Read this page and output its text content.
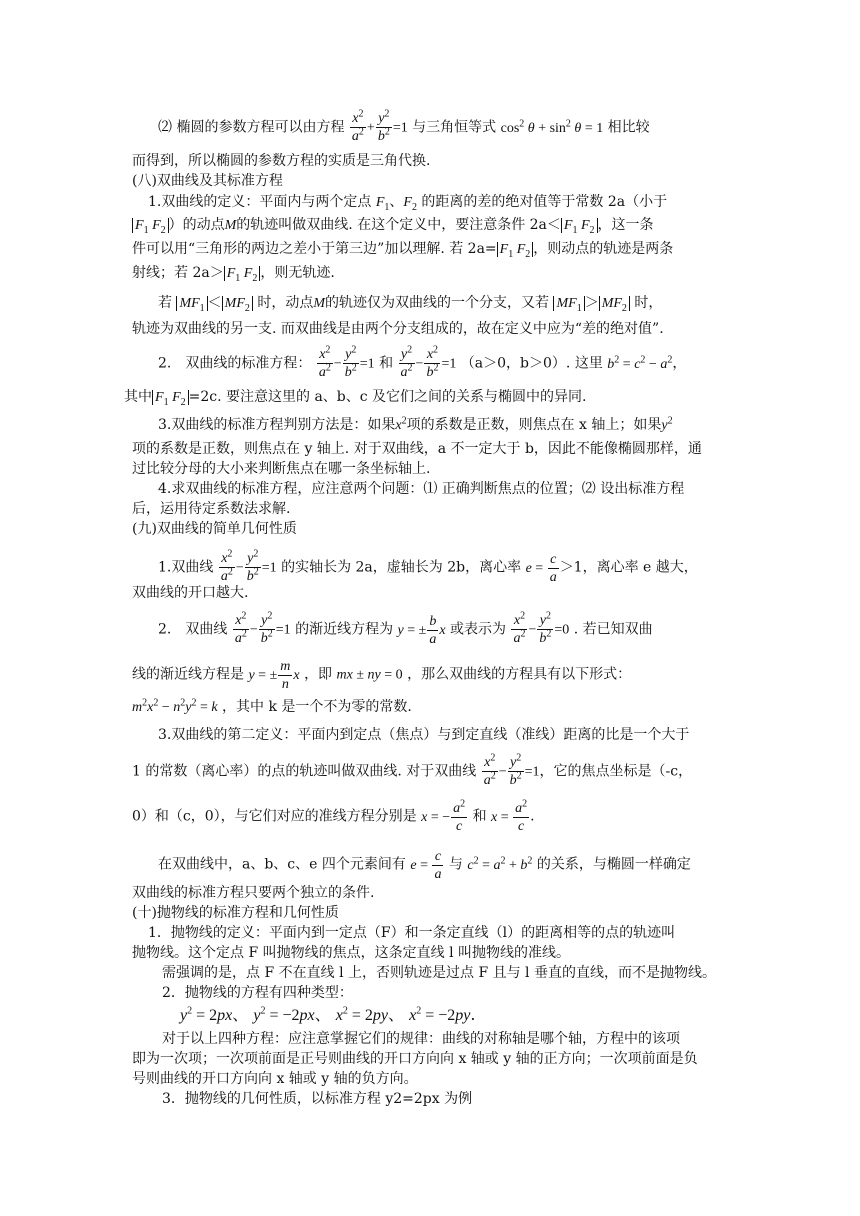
⑵ 椭圆的参数方程可以由方程 $\frac{x^2}{a^2} + \frac{y^2}{b^2} =1$ 与三角恒等式 $\cos^2 \theta + \sin^2 \theta = 1$ 相比较
而得到，所以椭圆的参数方程的实质是三角代换.
(八)双曲线及其标准方程
1.双曲线的定义：平面内与两个定点 $F_1$、$F_2$ 的距离的差的绝对值等于常数 2a（小于
$F_1$ $F_2$ ）的动点M的轨迹叫做双曲线. 在这个定义中，要注意条件 $2a< F_1$ $F_2$ ，这一条
件可以用“三角形的两边之差小于第三边”加以理解. 若 $2a= F_1$ $F_2$ ，则动点的轨迹是两条
射线；若 $2a> F_1$ $F_2$ ，则无轨迹.
若 $MF_1 < MF_2$ 时，动点M的轨迹仅为双曲线的一个分支，又若 $MF_1 > MF_2$ 时，
轨迹为双曲线的另一支. 而双曲线是由两个分支组成的，故在定义中应为“差的绝对值”.
2.　双曲线的标准方程： $\frac{x^2}{a^2} - \frac{y^2}{b^2} =1$ 和 $\frac{y^2}{a^2} - \frac{x^2}{b^2} =1$ （a＞0，b＞0）. 这里 $b^2 = c^2 - a^2$，
其中 $F_1$ $F_2 =2c$. 要注意这里的 a、b、c 及它们之间的关系与椭圆中的异同.
3.双曲线的标准方程判别方法是：如果$x^2$项的系数是正数，则焦点在 x 轴上；如果$y^2$
项的系数是正数，则焦点在 y 轴上. 对于双曲线，a 不一定大于 b，因此不能像椭圆那样，通
过比较分母的大小来判断焦点在哪一条坐标轴上.
4.求双曲线的标准方程，应注意两个问题：⑴ 正确判断焦点的位置；⑵ 设出标准方程
后，运用待定系数法求解.
(九)双曲线的简单几何性质
1.双曲线 $\frac{x^2}{a^2} - \frac{y^2}{b^2} =1$ 的实轴长为 2a，虚轴长为 2b，离心率 $e = \frac{c}{a} >1$，离心率 e 越大，
双曲线的开口越大.
2.　双曲线 $\frac{x^2}{a^2} - \frac{y^2}{b^2} =1$ 的渐近线方程为 y = ± $\frac{b}{a}$ x 或表示为 $\frac{x^2}{a^2} - \frac{y^2}{b^2} =0$ . 若已知双曲
线的渐近线方程是 y = ± $\frac{m}{n}$ x ，即 mx ± ny = 0 ，那么双曲线的方程具有以下形式：
$m^2x^2 - n^2y^2 = k$ ，其中 k 是一个不为零的常数.
3.双曲线的第二定义：平面内到定点（焦点）与到定直线（准线）距离的比是一个大于
1 的常数（离心率）的点的轨迹叫做双曲线. 对于双曲线 $\frac{x^2}{a^2} - \frac{y^2}{b^2} =1$，它的焦点坐标是（-c，
0）和（c，0），与它们对应的准线方程分别是 x = − $\frac{a^2}{c}$ 和 $x = \frac{a^2}{c}$ .
在双曲线中，a、b、c、e 四个元素间有 $e = \frac{c}{a}$ 与 $c^2 = a^2 + b^2$ 的关系，与椭圆一样确定
双曲线的标准方程只要两个独立的条件.
(十)抛物线的标准方程和几何性质
1．抛物线的定义：平面内到一定点（F）和一条定直线（l）的距离相等的点的轨迹叫
抛物线。这个定点 F 叫抛物线的焦点，这条定直线 l 叫抛物线的准线。
需强调的是，点 F 不在直线 l 上，否则轨迹是过点 F 且与 l 垂直的直线，而不是抛物线。
2．抛物线的方程有四种类型：
$y^2 = 2px$、 $y^2 = -2px$、 $x^2 = 2py$、 $x^2 = -2py$.
对于以上四种方程：应注意掌握它们的规律：曲线的对称轴是哪个轴，方程中的该项
即为一次项；一次项前面是正号则曲线的开口方向向 x 轴或 y 轴的正方向；一次项前面是负
号则曲线的开口方向向 x 轴或 y 轴的负方向。
3．抛物线的几何性质，以标准方程 y2=2px 为例
